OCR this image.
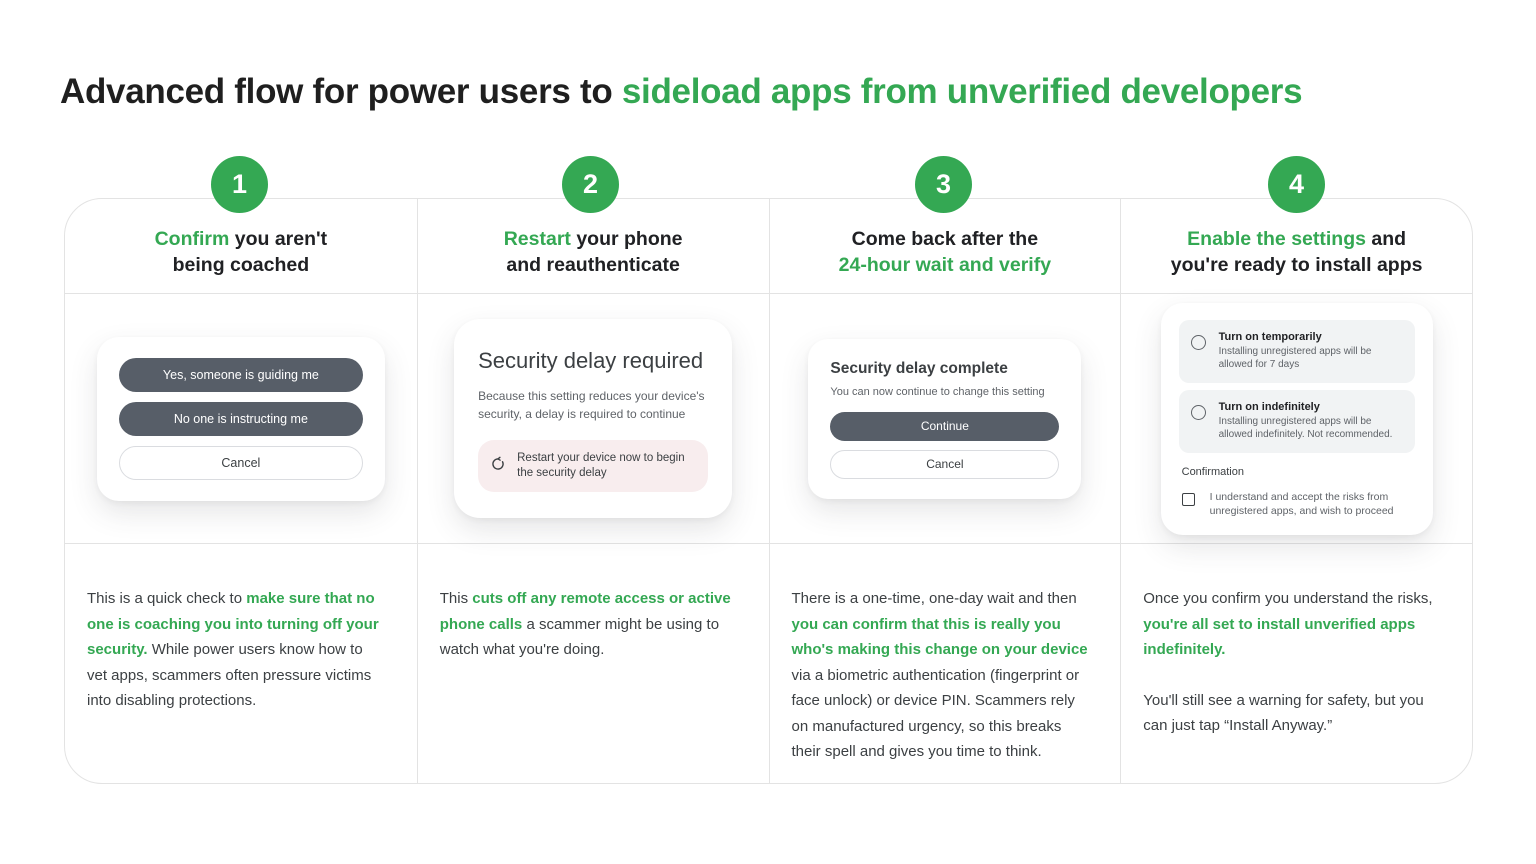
Advanced flow for power users to sideload apps from unverified developers
1	2	3	4
Confirm you aren't
being coached
Restart your phone
and reauthenticate
Come back after the
24-hour wait and verify
Enable the settings and
you're ready to install apps
Yes, someone is guiding me
No one is instructing me
Cancel
Security delay required
Because this setting reduces your device's security, a delay is required to continue
Restart your device now to begin the security delay
Security delay complete
You can now continue to change this setting
Continue
Cancel
Turn on temporarily
Installing unregistered apps will be allowed for 7 days
Turn on indefinitely
Installing unregistered apps will be allowed indefinitely. Not recommended.
Confirmation
I understand and accept the risks from unregistered apps, and wish to proceed
This is a quick check to make sure that no one is coaching you into turning off your security. While power users know how to vet apps, scammers often pressure victims into disabling protections.
This cuts off any remote access or active phone calls a scammer might be using to watch what you're doing.
There is a one-time, one-day wait and then you can confirm that this is really you who's making this change on your device via a biometric authentication (fingerprint or face unlock) or device PIN. Scammers rely on manufactured urgency, so this breaks their spell and gives you time to think.
Once you confirm you understand the risks, you're all set to install unverified apps indefinitely.
You'll still see a warning for safety, but you can just tap “Install Anyway.”
